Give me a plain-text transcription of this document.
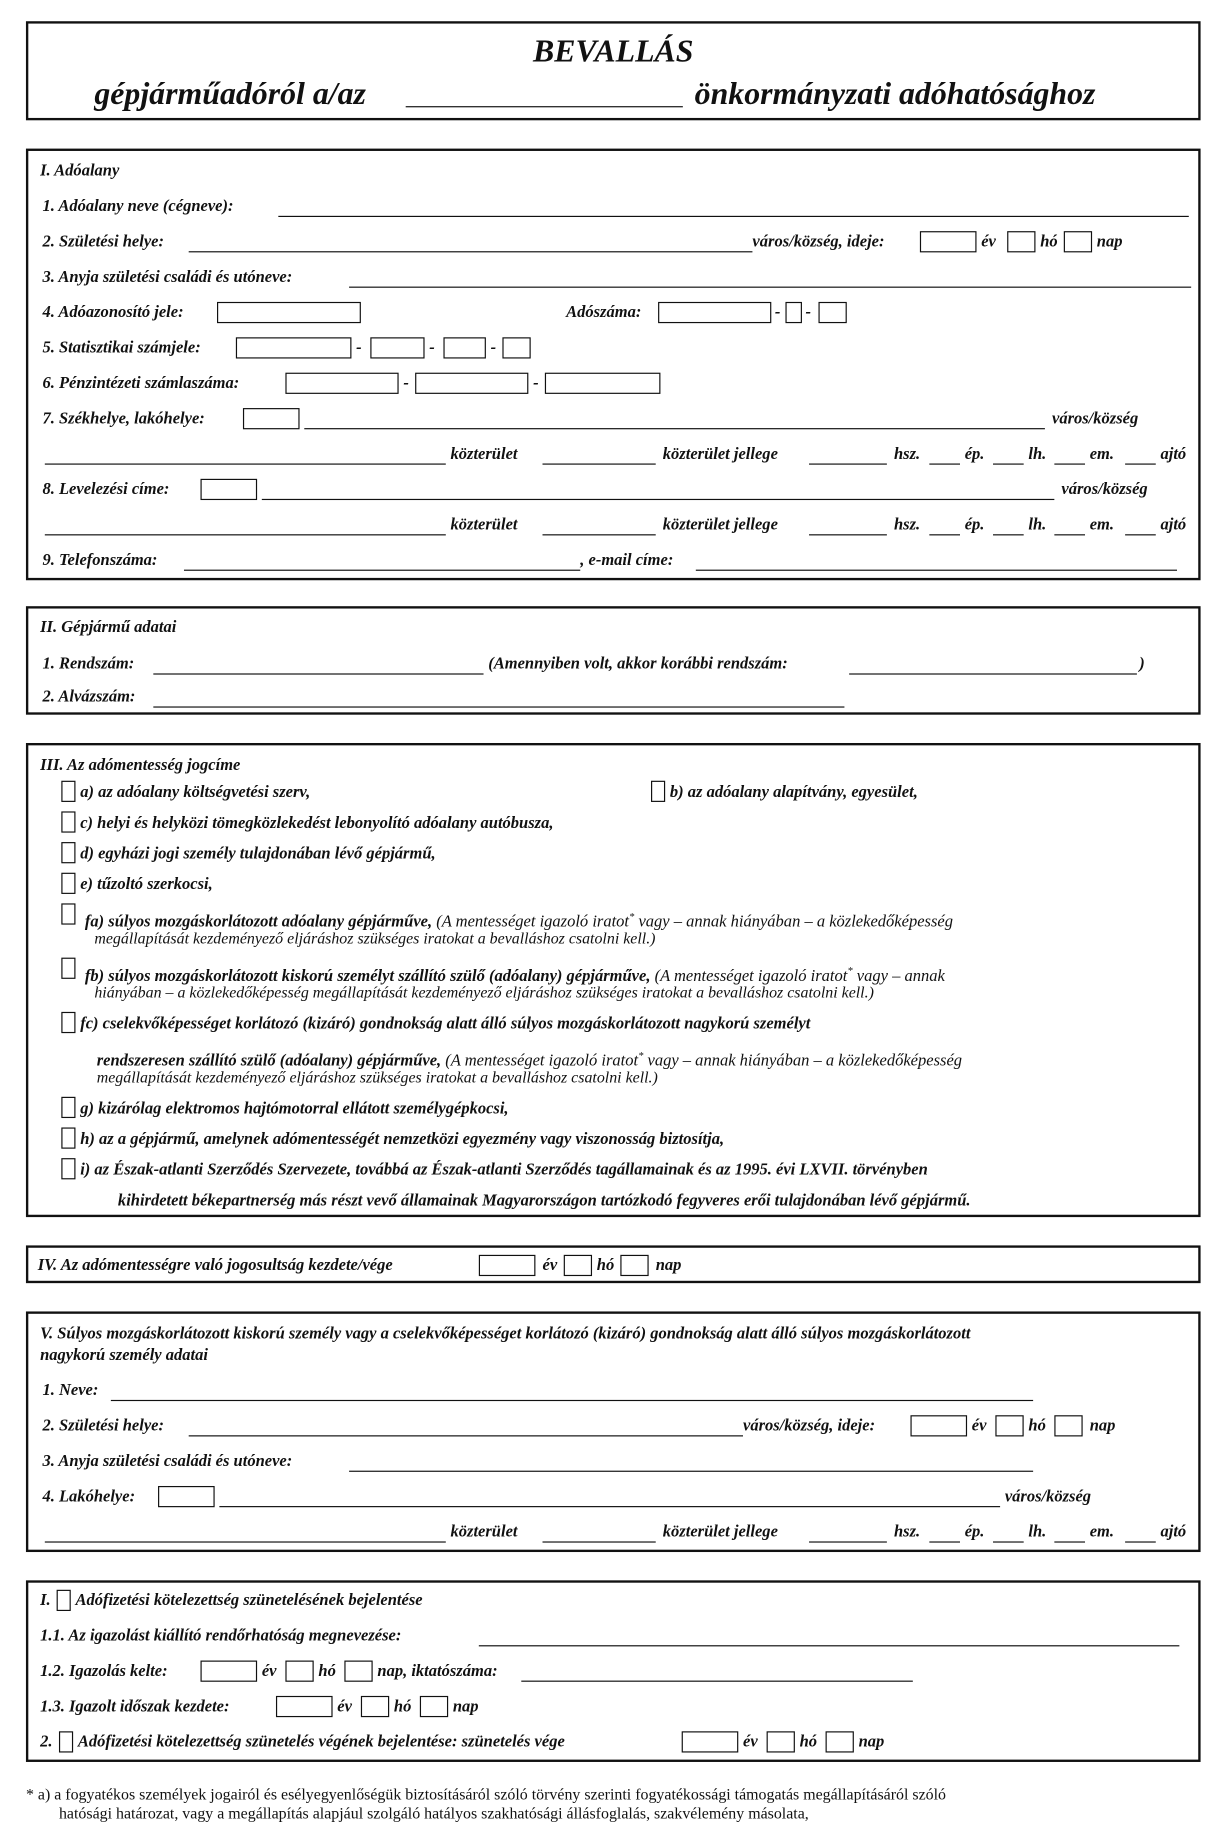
BEVALLÁS
gépjárműadóról a/az	önkormányzati adóhatósághoz
I. Adóalany
1. Adóalany neve (cégneve):
2. Születési helye:	város/község, ideje:	év	hó	nap
3. Anyja születési családi és utóneve:
4. Adóazonosító jele:	Adószáma:	- -
5. Statisztikai számjele:	-	-	-
6. Pénzintézeti számlaszáma:	-	-
7. Székhelye, lakóhelye:	város/község
közterület	közterület jellege	hsz.	ép.	lh.	em.	ajtó
8. Levelezési címe:	város/község
közterület	közterület jellege	hsz.	ép.	lh.	em.	ajtó
9. Telefonszáma:	, e-mail címe:
II. Gépjármű adatai
1. Rendszám:	(Amennyiben volt, akkor korábbi rendszám:	)
2. Alvázszám:
III. Az adómentesség jogcíme
a) az adóalany költségvetési szerv,	b) az adóalany alapítvány, egyesület,
c) helyi és helyközi tömegközlekedést lebonyolító adóalany autóbusza,
d) egyházi jogi személy tulajdonában lévő gépjármű,
e) tűzoltó szerkocsi,
fa) súlyos mozgáskorlátozott adóalany gépjárműve, (A mentességet igazoló iratot* vagy – annak hiányában – a közlekedőképesség
megállapítását kezdeményező eljáráshoz szükséges iratokat a bevalláshoz csatolni kell.)
fb) súlyos mozgáskorlátozott kiskorú személyt szállító szülő (adóalany) gépjárműve, (A mentességet igazoló iratot* vagy – annak
hiányában – a közlekedőképesség megállapítását kezdeményező eljáráshoz szükséges iratokat a bevalláshoz csatolni kell.)
fc) cselekvőképességet korlátozó (kizáró) gondnokság alatt álló súlyos mozgáskorlátozott nagykorú személyt
rendszeresen szállító szülő (adóalany) gépjárműve, (A mentességet igazoló iratot* vagy – annak hiányában – a közlekedőképesség
megállapítását kezdeményező eljáráshoz szükséges iratokat a bevalláshoz csatolni kell.)
g) kizárólag elektromos hajtómotorral ellátott személygépkocsi,
h) az a gépjármű, amelynek adómentességét nemzetközi egyezmény vagy viszonosság biztosítja,
i) az Észak-atlanti Szerződés Szervezete, továbbá az Észak-atlanti Szerződés tagállamainak és az 1995. évi LXVII. törvényben
kihirdetett békepartnerség más részt vevő államainak Magyarországon tartózkodó fegyveres erői tulajdonában lévő gépjármű.
IV. Az adómentességre való jogosultság kezdete/vége	év	hó	nap
V. Súlyos mozgáskorlátozott kiskorú személy vagy a cselekvőképességet korlátozó (kizáró) gondnokság alatt álló súlyos mozgáskorlátozott
nagykorú személy adatai
1. Neve:
2. Születési helye:	város/község, ideje:	év	hó	nap
3. Anyja születési családi és utóneve:
4. Lakóhelye:	város/község
közterület	közterület jellege	hsz.	ép.	lh.	em.	ajtó
I. Adófizetési kötelezettség szünetelésének bejelentése
1.1. Az igazolást kiállító rendőrhatóság megnevezése:
1.2. Igazolás kelte:	év	hó	nap, iktatószáma:
1.3. Igazolt időszak kezdete:	év	hó	nap
2. Adófizetési kötelezettség szünetelés végének bejelentése: szünetelés vége	év	hó	nap
* a) a fogyatékos személyek jogairól és esélyegyenlőségük biztosításáról szóló törvény szerinti fogyatékossági támogatás megállapításáról szóló
hatósági határozat, vagy a megállapítás alapjául szolgáló hatályos szakhatósági állásfoglalás, szakvélemény másolata,
